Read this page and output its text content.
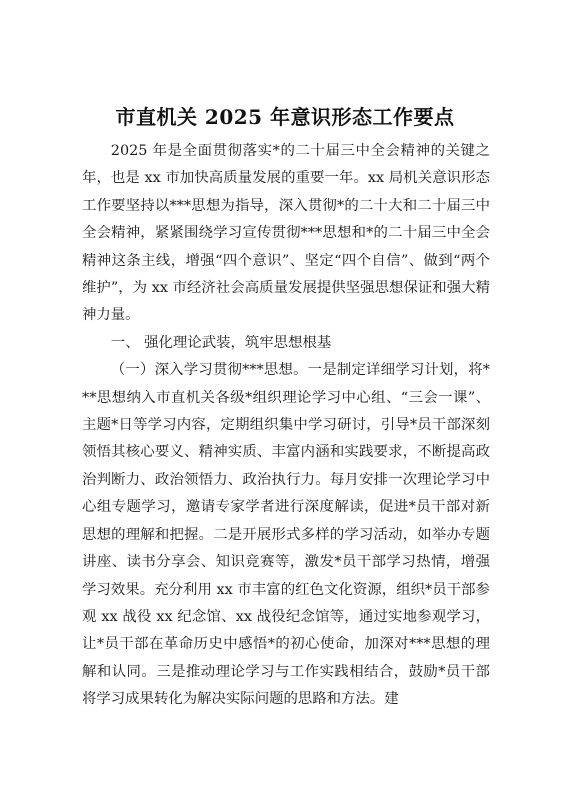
市直机关 2025 年意识形态工作要点

2025 年是全面贯彻落实*的二十届三中全会精神的关键之年，也是 xx 市加快高质量发展的重要一年。xx 局机关意识形态工作要坚持以***思想为指导，深入贯彻*的二十大和二十届三中全会精神，紧紧围绕学习宣传贯彻***思想和*的二十届三中全会精神这条主线，增强“四个意识”、坚定“四个自信”、做到“两个维护”，为 xx 市经济社会高质量发展提供坚强思想保证和强大精神力量。

一、 强化理论武装，筑牢思想根基

（一）深入学习贯彻***思想。一是制定详细学习计划，将***思想纳入市直机关各级*组织理论学习中心组、“三会一课”、主题*日等学习内容，定期组织集中学习研讨，引导*员干部深刻领悟其核心要义、精神实质、丰富内涵和实践要求，不断提高政治判断力、政治领悟力、政治执行力。每月安排一次理论学习中心组专题学习，邀请专家学者进行深度解读，促进*员干部对新思想的理解和把握。二是开展形式多样的学习活动，如举办专题讲座、读书分享会、知识竞赛等，激发*员干部学习热情，增强学习效果。充分利用 xx 市丰富的红色文化资源，组织*员干部参观 xx 战役 xx 纪念馆、xx 战役纪念馆等，通过实地参观学习，让*员干部在革命历史中感悟*的初心使命，加深对***思想的理解和认同。三是推动理论学习与工作实践相结合，鼓励*员干部将学习成果转化为解决实际问题的思路和方法。建
